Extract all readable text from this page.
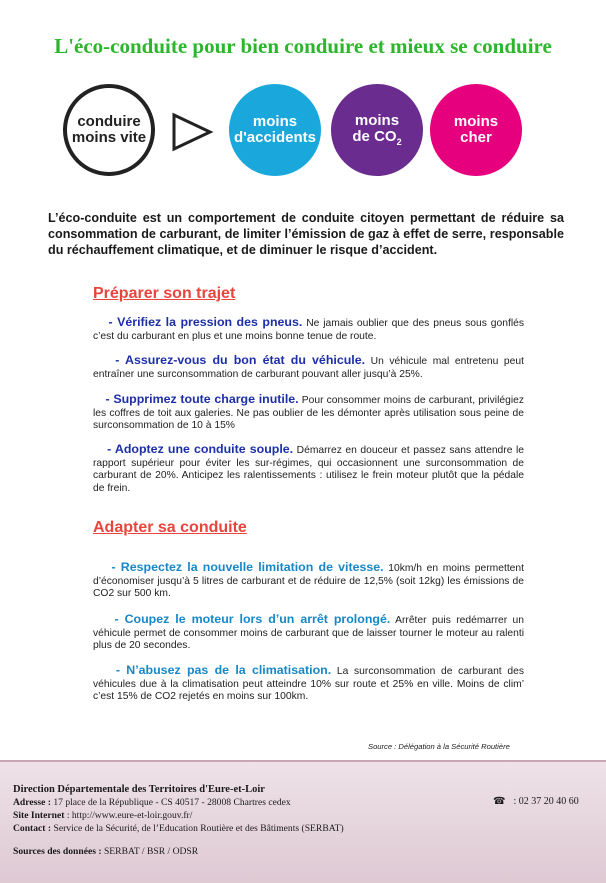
L'éco-conduite pour bien conduire et mieux se conduire
conduire
moins vite
moins
d'accidents
moins
de $CO_2$
moins
cher
L’éco-conduite est un comportement de conduite citoyen permettant de réduire sa consommation de carburant, de limiter l’émission de gaz à effet de serre, responsable du réchauffement climatique, et de diminuer le risque d’accident.
Préparer son trajet
- Vérifiez la pression des pneus. Ne jamais oublier que des pneus sous gonflés c’est du carburant en plus et une moins bonne tenue de route.
- Assurez-vous du bon état du véhicule. Un véhicule mal entretenu peut entraîner une surconsommation de carburant pouvant aller jusqu’à 25%.
- Supprimez toute charge inutile. Pour consommer moins de carburant, privilégiez les coffres de toit aux galeries. Ne pas oublier de les démonter après utilisation sous peine de surconsommation de 10 à 15%
- Adoptez une conduite souple. Démarrez en douceur et passez sans attendre le rapport supérieur pour éviter les sur-régimes, qui occasionnent une surconsommation de carburant de 20%. Anticipez les ralentissements : utilisez le frein moteur plutôt que la pédale de frein.
Adapter sa conduite
- Respectez la nouvelle limitation de vitesse. 10km/h en moins permettent d’économiser jusqu’à 5 litres de carburant et de réduire de 12,5% (soit 12kg) les émissions de CO2 sur 500 km.
- Coupez le moteur lors d’un arrêt prolongé. Arrêter puis redémarrer un véhicule permet de consommer moins de carburant que de laisser tourner le moteur au ralenti plus de 20 secondes.
- N’abusez pas de la climatisation. La surconsommation de carburant des véhicules due à la climatisation peut atteindre 10% sur route et 25% en ville. Moins de clim’ c’est 15% de CO2 rejetés en moins sur 100km.
Source : Délégation à la Sécurité Routière
Direction Départementale des Territoires d'Eure-et-Loir
Adresse : 17 place de la République - CS 40517 - 28008 Chartres cedex
Site Internet : http://www.eure-et-loir.gouv.fr/
Contact : Service de la Sécurité, de l’Education Routière et des Bâtiments (SERBAT)
Sources des données : SERBAT / BSR / ODSR
☎ : 02 37 20 40 60
